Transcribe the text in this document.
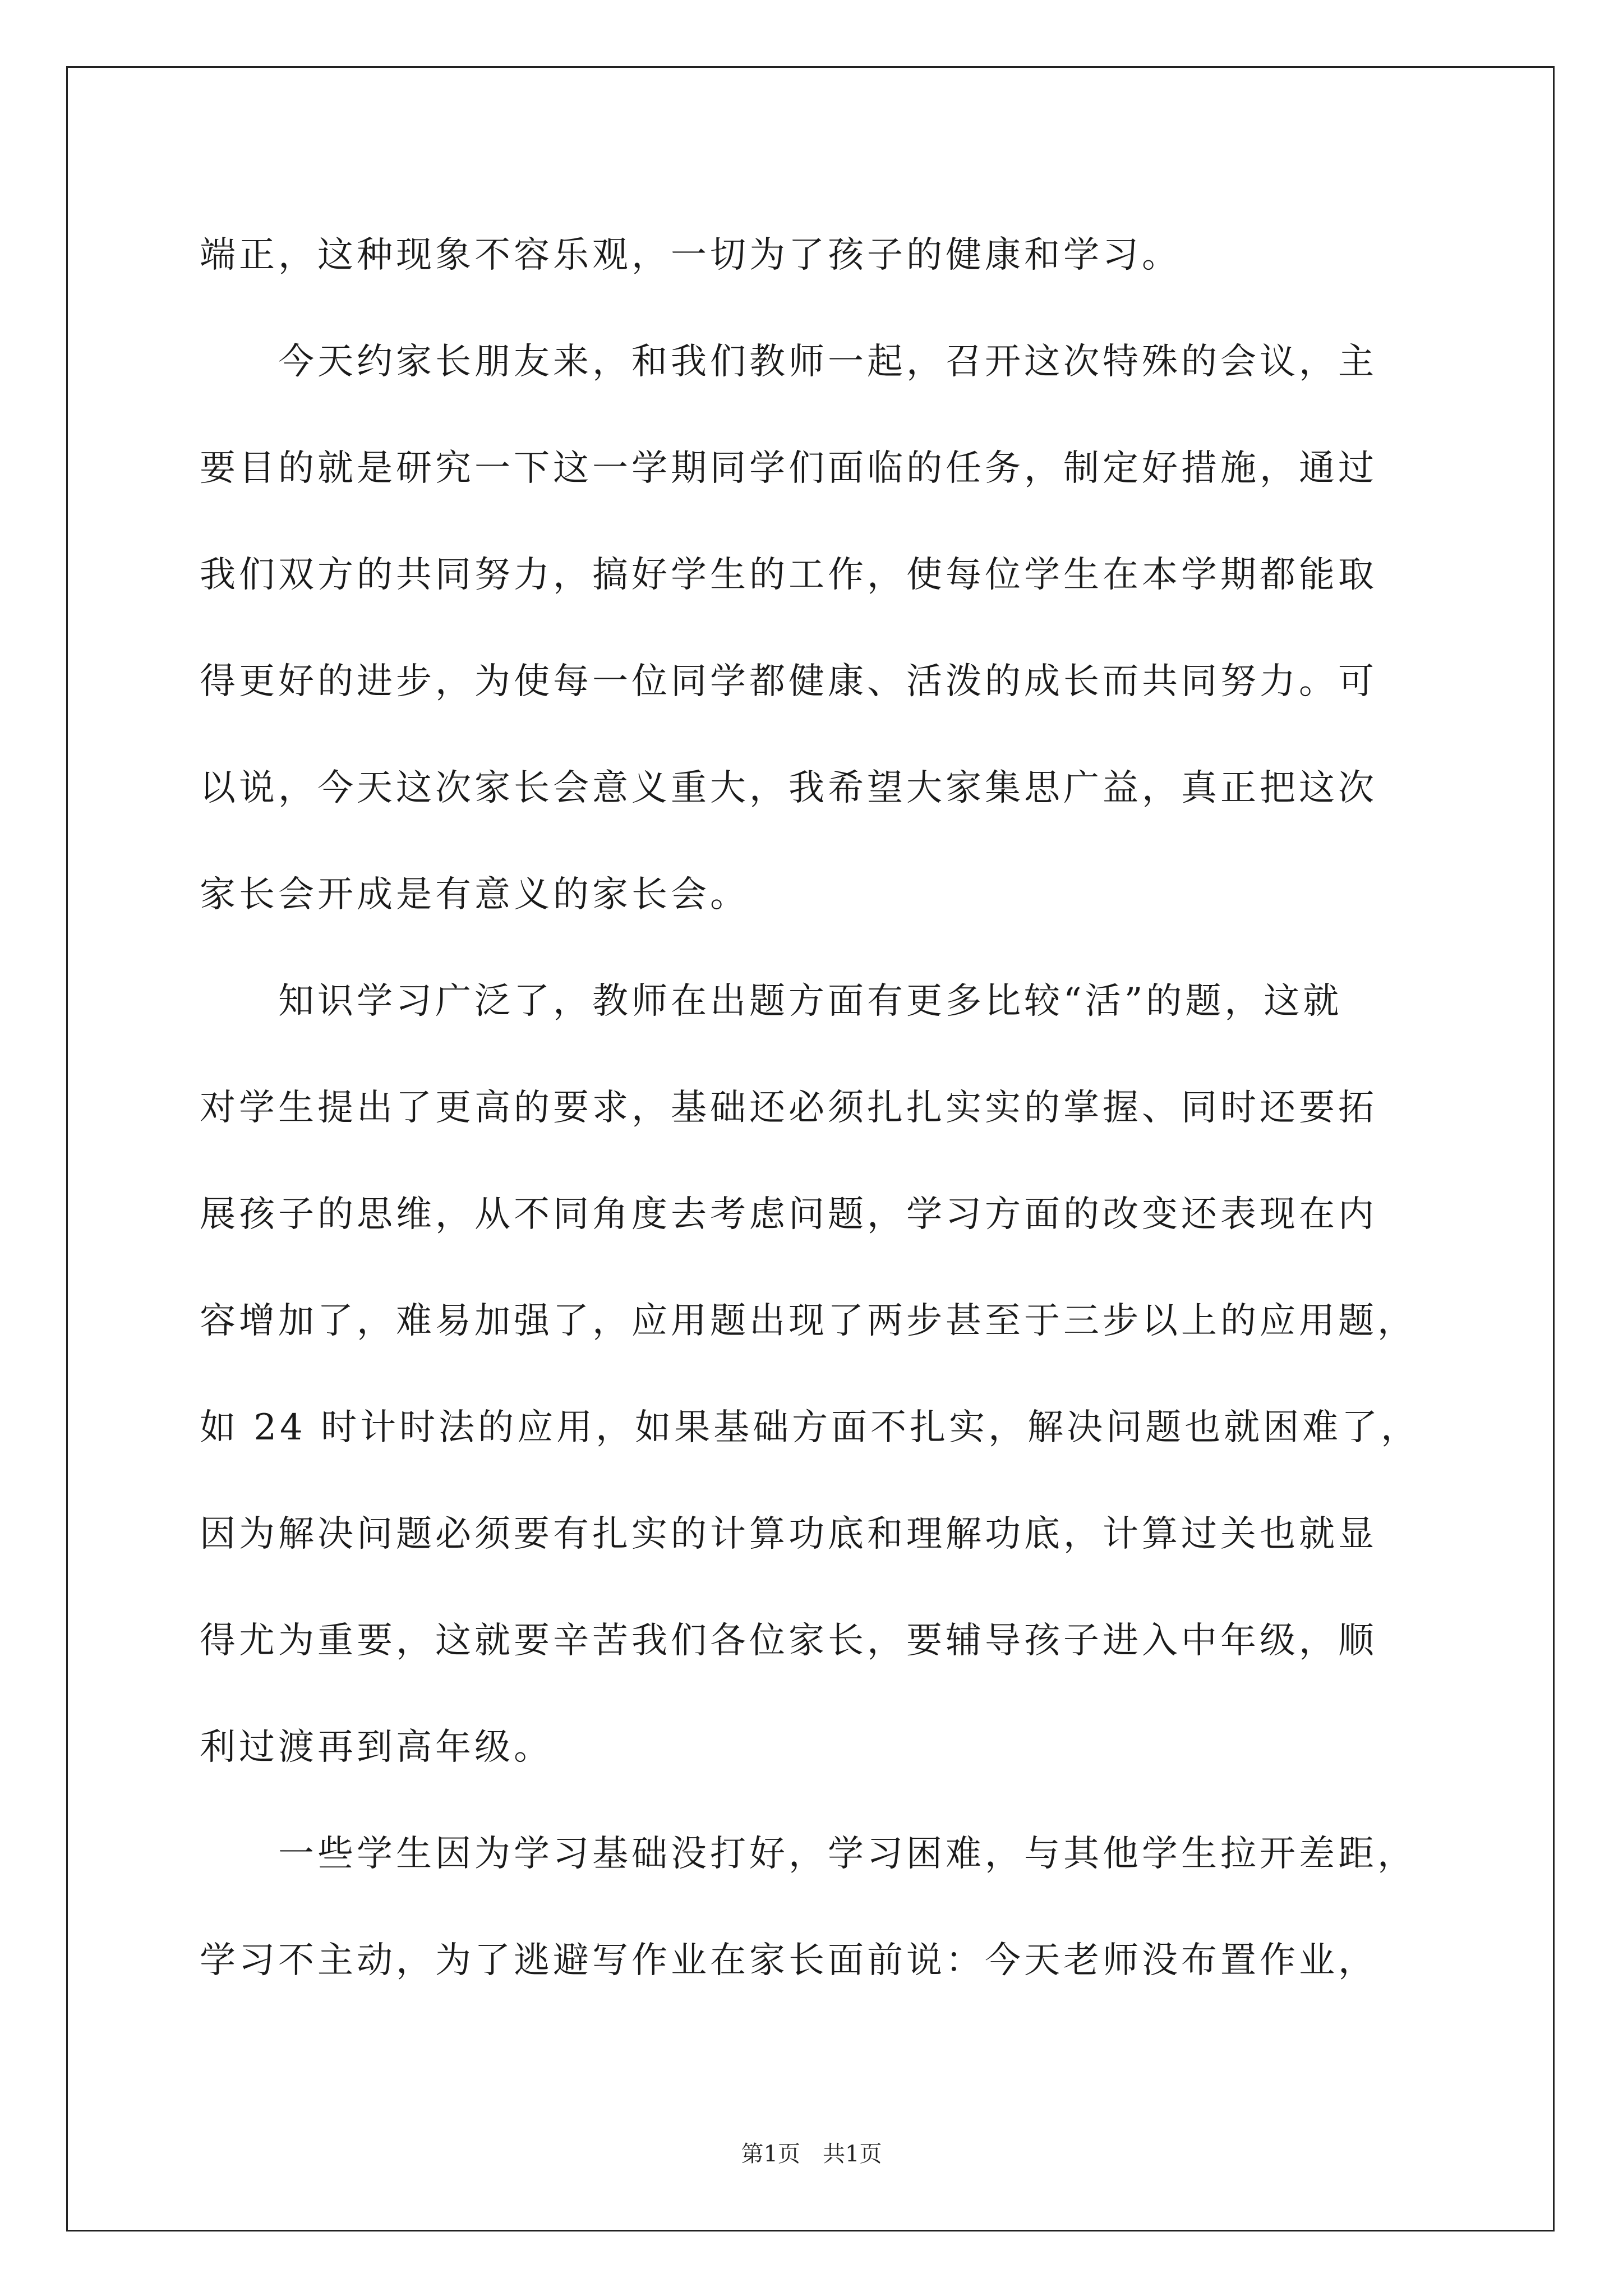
端正，这种现象不容乐观，一切为了孩子的健康和学习。
　　今天约家长朋友来，和我们教师一起，召开这次特殊的会议，主
要目的就是研究一下这一学期同学们面临的任务，制定好措施，通过
我们双方的共同努力，搞好学生的工作，使每位学生在本学期都能取
得更好的进步，为使每一位同学都健康、活泼的成长而共同努力。可
以说，今天这次家长会意义重大，我希望大家集思广益，真正把这次
家长会开成是有意义的家长会。
　　知识学习广泛了，教师在出题方面有更多比较“活”的题，这就
对学生提出了更高的要求，基础还必须扎扎实实的掌握、同时还要拓
展孩子的思维，从不同角度去考虑问题，学习方面的改变还表现在内
容增加了，难易加强了，应用题出现了两步甚至于三步以上的应用题，
如 24 时计时法的应用，如果基础方面不扎实，解决问题也就困难了，
因为解决问题必须要有扎实的计算功底和理解功底，计算过关也就显
得尤为重要，这就要辛苦我们各位家长，要辅导孩子进入中年级，顺
利过渡再到高年级。
　　一些学生因为学习基础没打好，学习困难，与其他学生拉开差距，
学习不主动，为了逃避写作业在家长面前说：今天老师没布置作业，
第1页　共1页
